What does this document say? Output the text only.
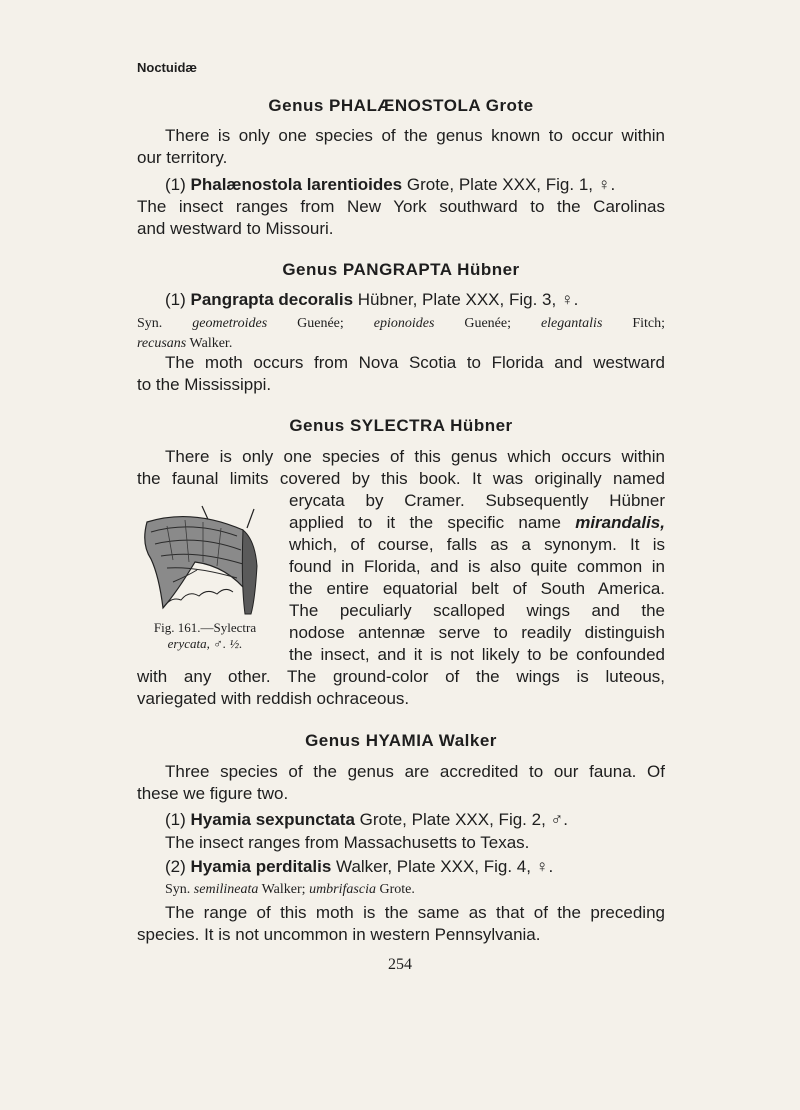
Noctuidæ
Genus PHALÆNOSTOLA Grote
There is only one species of the genus known to occur within
our territory.
(1) Phalænostola larentioides Grote, Plate XXX, Fig. 1, ♀.
The insect ranges from New York southward to the Carolinas
and westward to Missouri.
Genus PANGRAPTA Hübner
(1) Pangrapta decoralis Hübner, Plate XXX, Fig. 3, ♀.
Syn. geometroides Guenée; epionoides Guenée; elegantalis Fitch;
recusans Walker.
The moth occurs from Nova Scotia to Florida and westward
to the Mississippi.
Genus SYLECTRA Hübner
There is only one species of this genus which occurs within
the faunal limits covered by this book. It was originally named
Fig. 161.—Sylectra
erycata, ♂. ½.
erycata by Cramer. Subsequently Hübner
applied to it the specific name mirandalis,
which, of course, falls as a synonym. It is
found in Florida, and is also quite common in
the entire equatorial belt of South America.
The peculiarly scalloped wings and the
nodose antennæ serve to readily distinguish
the insect, and it is not likely to be confounded
with any other. The ground-color of the wings is luteous,
variegated with reddish ochraceous.
Genus HYAMIA Walker
Three species of the genus are accredited to our fauna. Of
these we figure two.
(1) Hyamia sexpunctata Grote, Plate XXX, Fig. 2, ♂.
The insect ranges from Massachusetts to Texas.
(2) Hyamia perditalis Walker, Plate XXX, Fig. 4, ♀.
Syn. semilineata Walker; umbrifascia Grote.
The range of this moth is the same as that of the preceding
species. It is not uncommon in western Pennsylvania.
254
